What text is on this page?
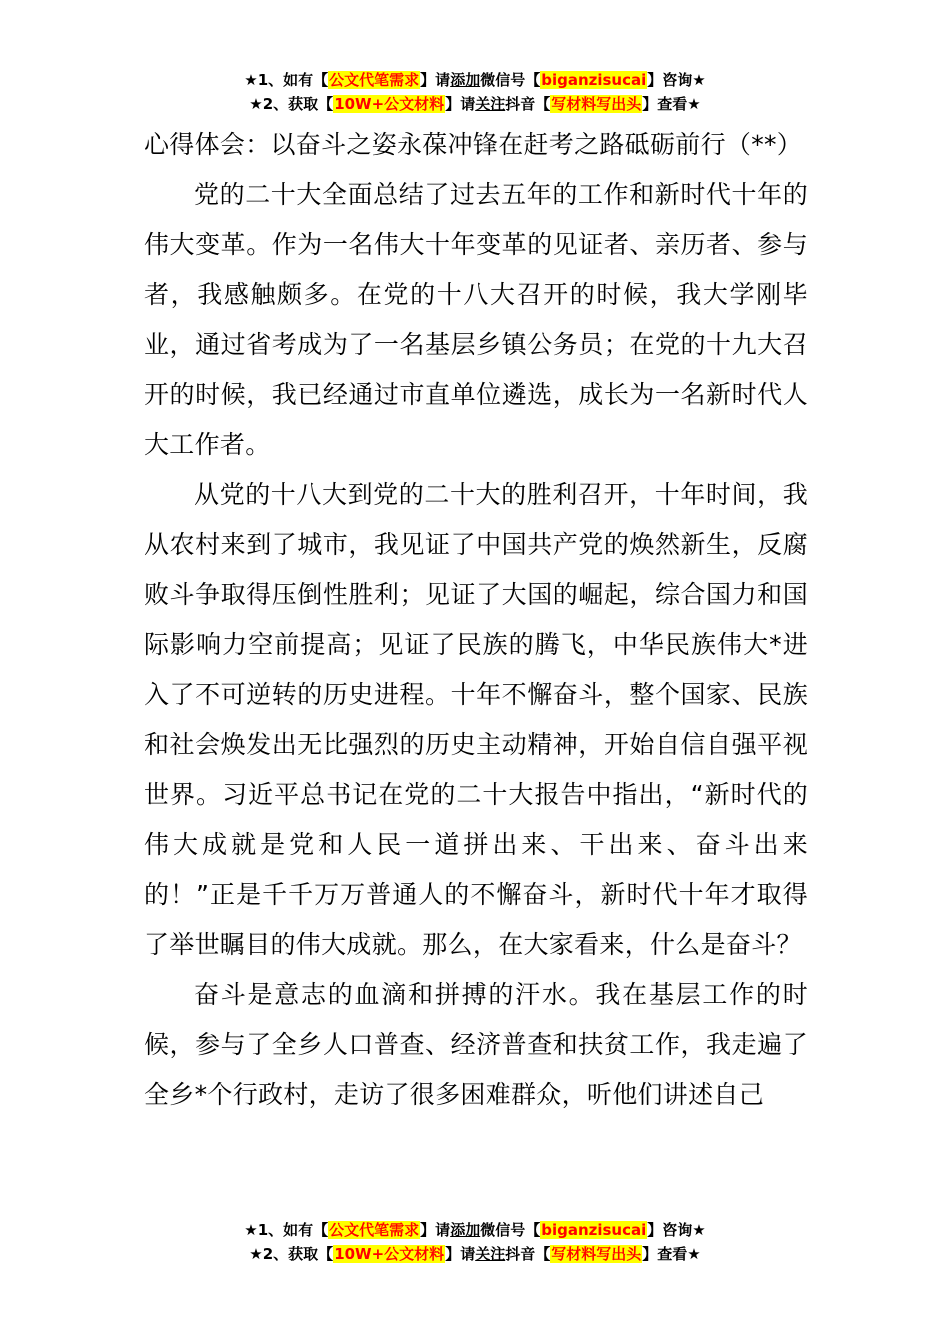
★1、如有【公文代笔需求】请添加微信号【biganzisucai】咨询★
★2、获取【10W+公文材料】请关注抖音【写材料写出头】查看★
心得体会：以奋斗之姿永葆冲锋在赶考之路砥砺前行（**）

党的二十大全面总结了过去五年的工作和新时代十年的伟大变革。作为一名伟大十年变革的见证者、亲历者、参与者，我感触颇多。在党的十八大召开的时候，我大学刚毕业，通过省考成为了一名基层乡镇公务员；在党的十九大召开的时候，我已经通过市直单位遴选，成长为一名新时代人大工作者。

从党的十八大到党的二十大的胜利召开，十年时间，我从农村来到了城市，我见证了中国共产党的焕然新生，反腐败斗争取得压倒性胜利；见证了大国的崛起，综合国力和国际影响力空前提高；见证了民族的腾飞，中华民族伟大*进入了不可逆转的历史进程。十年不懈奋斗，整个国家、民族和社会焕发出无比强烈的历史主动精神，开始自信自强平视世界。习近平总书记在党的二十大报告中指出，“新时代的伟大成就是党和人民一道拼出来、干出来、奋斗出来的！”正是千千万万普通人的不懈奋斗，新时代十年才取得了举世瞩目的伟大成就。那么，在大家看来，什么是奋斗？

奋斗是意志的血滴和拼搏的汗水。我在基层工作的时候，参与了全乡人口普查、经济普查和扶贫工作，我走遍了全乡*个行政村，走访了很多困难群众，听他们讲述自己

★1、如有【公文代笔需求】请添加微信号【biganzisucai】咨询★
★2、获取【10W+公文材料】请关注抖音【写材料写出头】查看★
